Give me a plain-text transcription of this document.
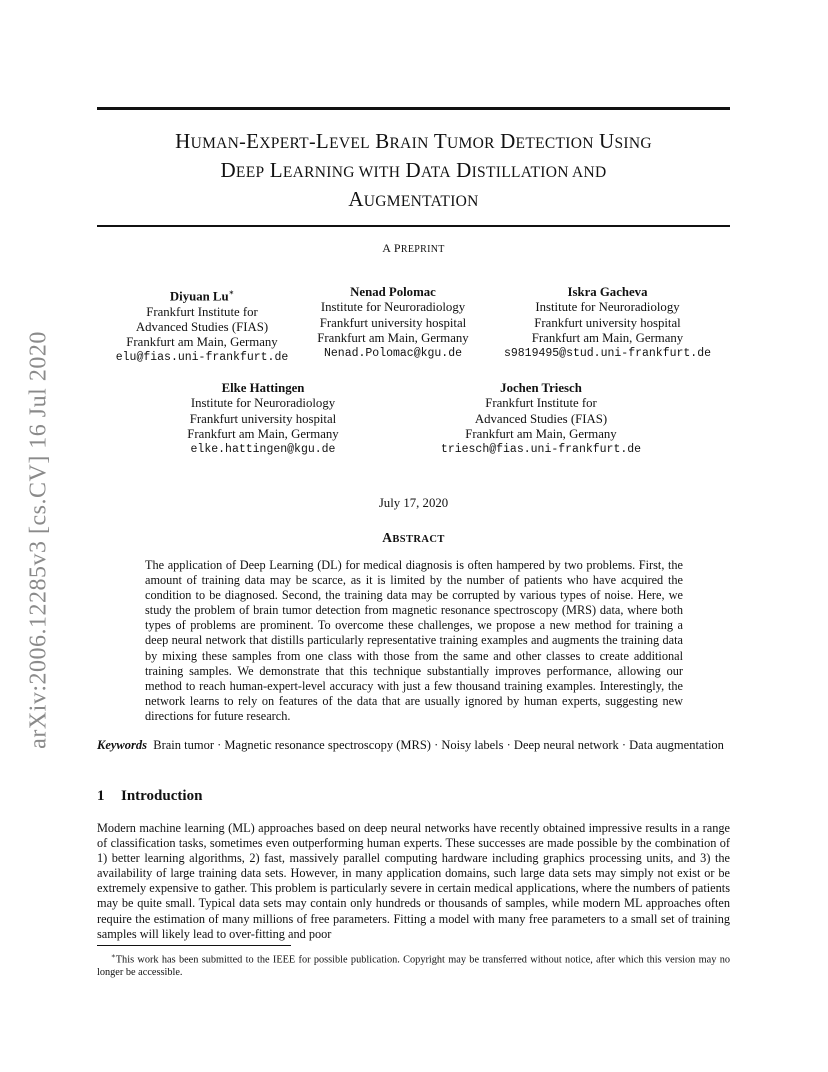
arXiv:2006.12285v3 [cs.CV] 16 Jul 2020
HUMAN-EXPERT-LEVEL BRAIN TUMOR DETECTION USING
DEEP LEARNING WITH DATA DISTILLATION AND
AUGMENTATION
A PREPRINT
Diyuan Lu∗
Frankfurt Institute for
Advanced Studies (FIAS)
Frankfurt am Main, Germany
elu@fias.uni-frankfurt.de
Nenad Polomac
Institute for Neuroradiology
Frankfurt university hospital
Frankfurt am Main, Germany
Nenad.Polomac@kgu.de
Iskra Gacheva
Institute for Neuroradiology
Frankfurt university hospital
Frankfurt am Main, Germany
s9819495@stud.uni-frankfurt.de
Elke Hattingen
Institute for Neuroradiology
Frankfurt university hospital
Frankfurt am Main, Germany
elke.hattingen@kgu.de
Jochen Triesch
Frankfurt Institute for
Advanced Studies (FIAS)
Frankfurt am Main, Germany
triesch@fias.uni-frankfurt.de
July 17, 2020
ABSTRACT
The application of Deep Learning (DL) for medical diagnosis is often hampered by two problems. First, the amount of training data may be scarce, as it is limited by the number of patients who have acquired the condition to be diagnosed. Second, the training data may be corrupted by various types of noise. Here, we study the problem of brain tumor detection from magnetic resonance spectroscopy (MRS) data, where both types of problems are prominent. To overcome these challenges, we propose a new method for training a deep neural network that distills particularly representative training examples and augments the training data by mixing these samples from one class with those from the same and other classes to create additional training samples. We demonstrate that this technique substantially improves performance, allowing our method to reach human-expert-level accuracy with just a few thousand training examples. Interestingly, the network learns to rely on features of the data that are usually ignored by human experts, suggesting new directions for future research.
Keywords Brain tumor · Magnetic resonance spectroscopy (MRS) · Noisy labels · Deep neural network · Data augmentation
1 Introduction
Modern machine learning (ML) approaches based on deep neural networks have recently obtained impressive results in a range of classification tasks, sometimes even outperforming human experts. These successes are made possible by the combination of 1) better learning algorithms, 2) fast, massively parallel computing hardware including graphics processing units, and 3) the availability of large training data sets. However, in many application domains, such large data sets may simply not exist or be extremely expensive to gather. This problem is particularly severe in certain medical applications, where the numbers of patients may be quite small. Typical data sets may contain only hundreds or thousands of samples, while modern ML approaches often require the estimation of many millions of free parameters. Fitting a model with many free parameters to a small set of training samples will likely lead to over-fitting and poor
∗This work has been submitted to the IEEE for possible publication. Copyright may be transferred without notice, after which this version may no longer be accessible.
